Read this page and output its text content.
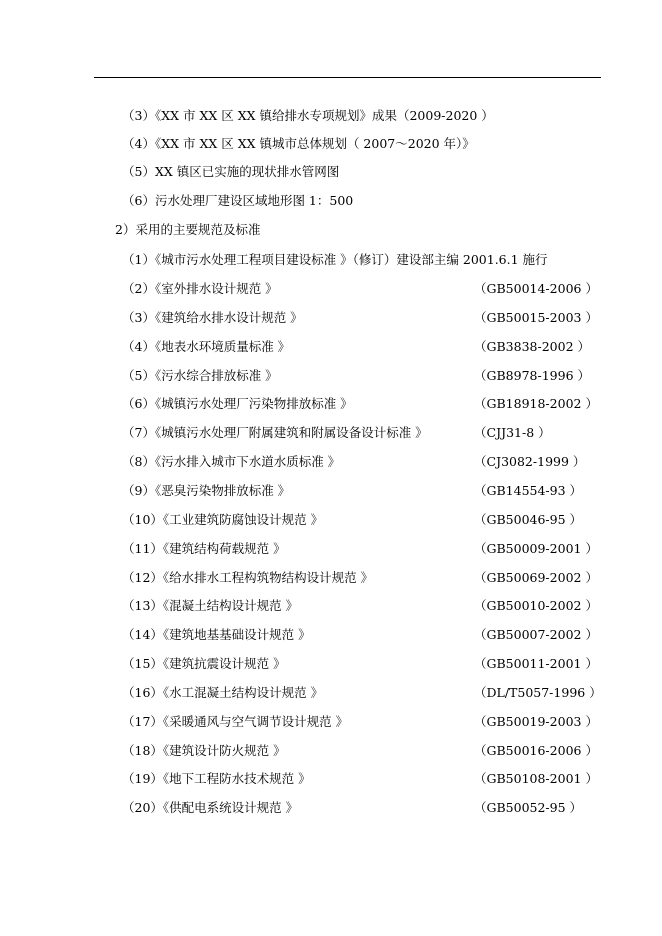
（3）《XX 市 XX 区 XX 镇给排水专项规划》成果（2009-2020 ）
（4）《XX 市 XX 区 XX 镇城市总体规划（ 2007～2020 年）》
（5）XX 镇区已实施的现状排水管网图
（6）污水处理厂建设区域地形图 1：500
2）采用的主要规范及标准
（1）《城市污水处理工程项目建设标准 》（修订）建设部主编 2001.6.1 施行
（2）《室外排水设计规范 》	（GB50014-2006 ）
（3）《建筑给水排水设计规范 》	（GB50015-2003 ）
（4）《地表水环境质量标准 》	（GB3838-2002 ）
（5）《污水综合排放标准 》	（GB8978-1996 ）
（6）《城镇污水处理厂污染物排放标准 》	（GB18918-2002 ）
（7）《城镇污水处理厂附属建筑和附属设备设计标准 》	（CJJ31-8 ）
（8）《污水排入城市下水道水质标准 》	（CJ3082-1999 ）
（9）《恶臭污染物排放标准 》	（GB14554-93 ）
（10）《工业建筑防腐蚀设计规范 》	（GB50046-95 ）
（11）《建筑结构荷载规范 》	（GB50009-2001 ）
（12）《给水排水工程构筑物结构设计规范 》	（GB50069-2002 ）
（13）《混凝土结构设计规范 》	（GB50010-2002 ）
（14）《建筑地基基础设计规范 》	（GB50007-2002 ）
（15）《建筑抗震设计规范 》	（GB50011-2001 ）
（16）《水工混凝土结构设计规范 》	（DL/T5057-1996 ）
（17）《采暖通风与空气调节设计规范 》	（GB50019-2003 ）
（18）《建筑设计防火规范 》	（GB50016-2006 ）
（19）《地下工程防水技术规范 》	（GB50108-2001 ）
（20）《供配电系统设计规范 》	（GB50052-95 ）
